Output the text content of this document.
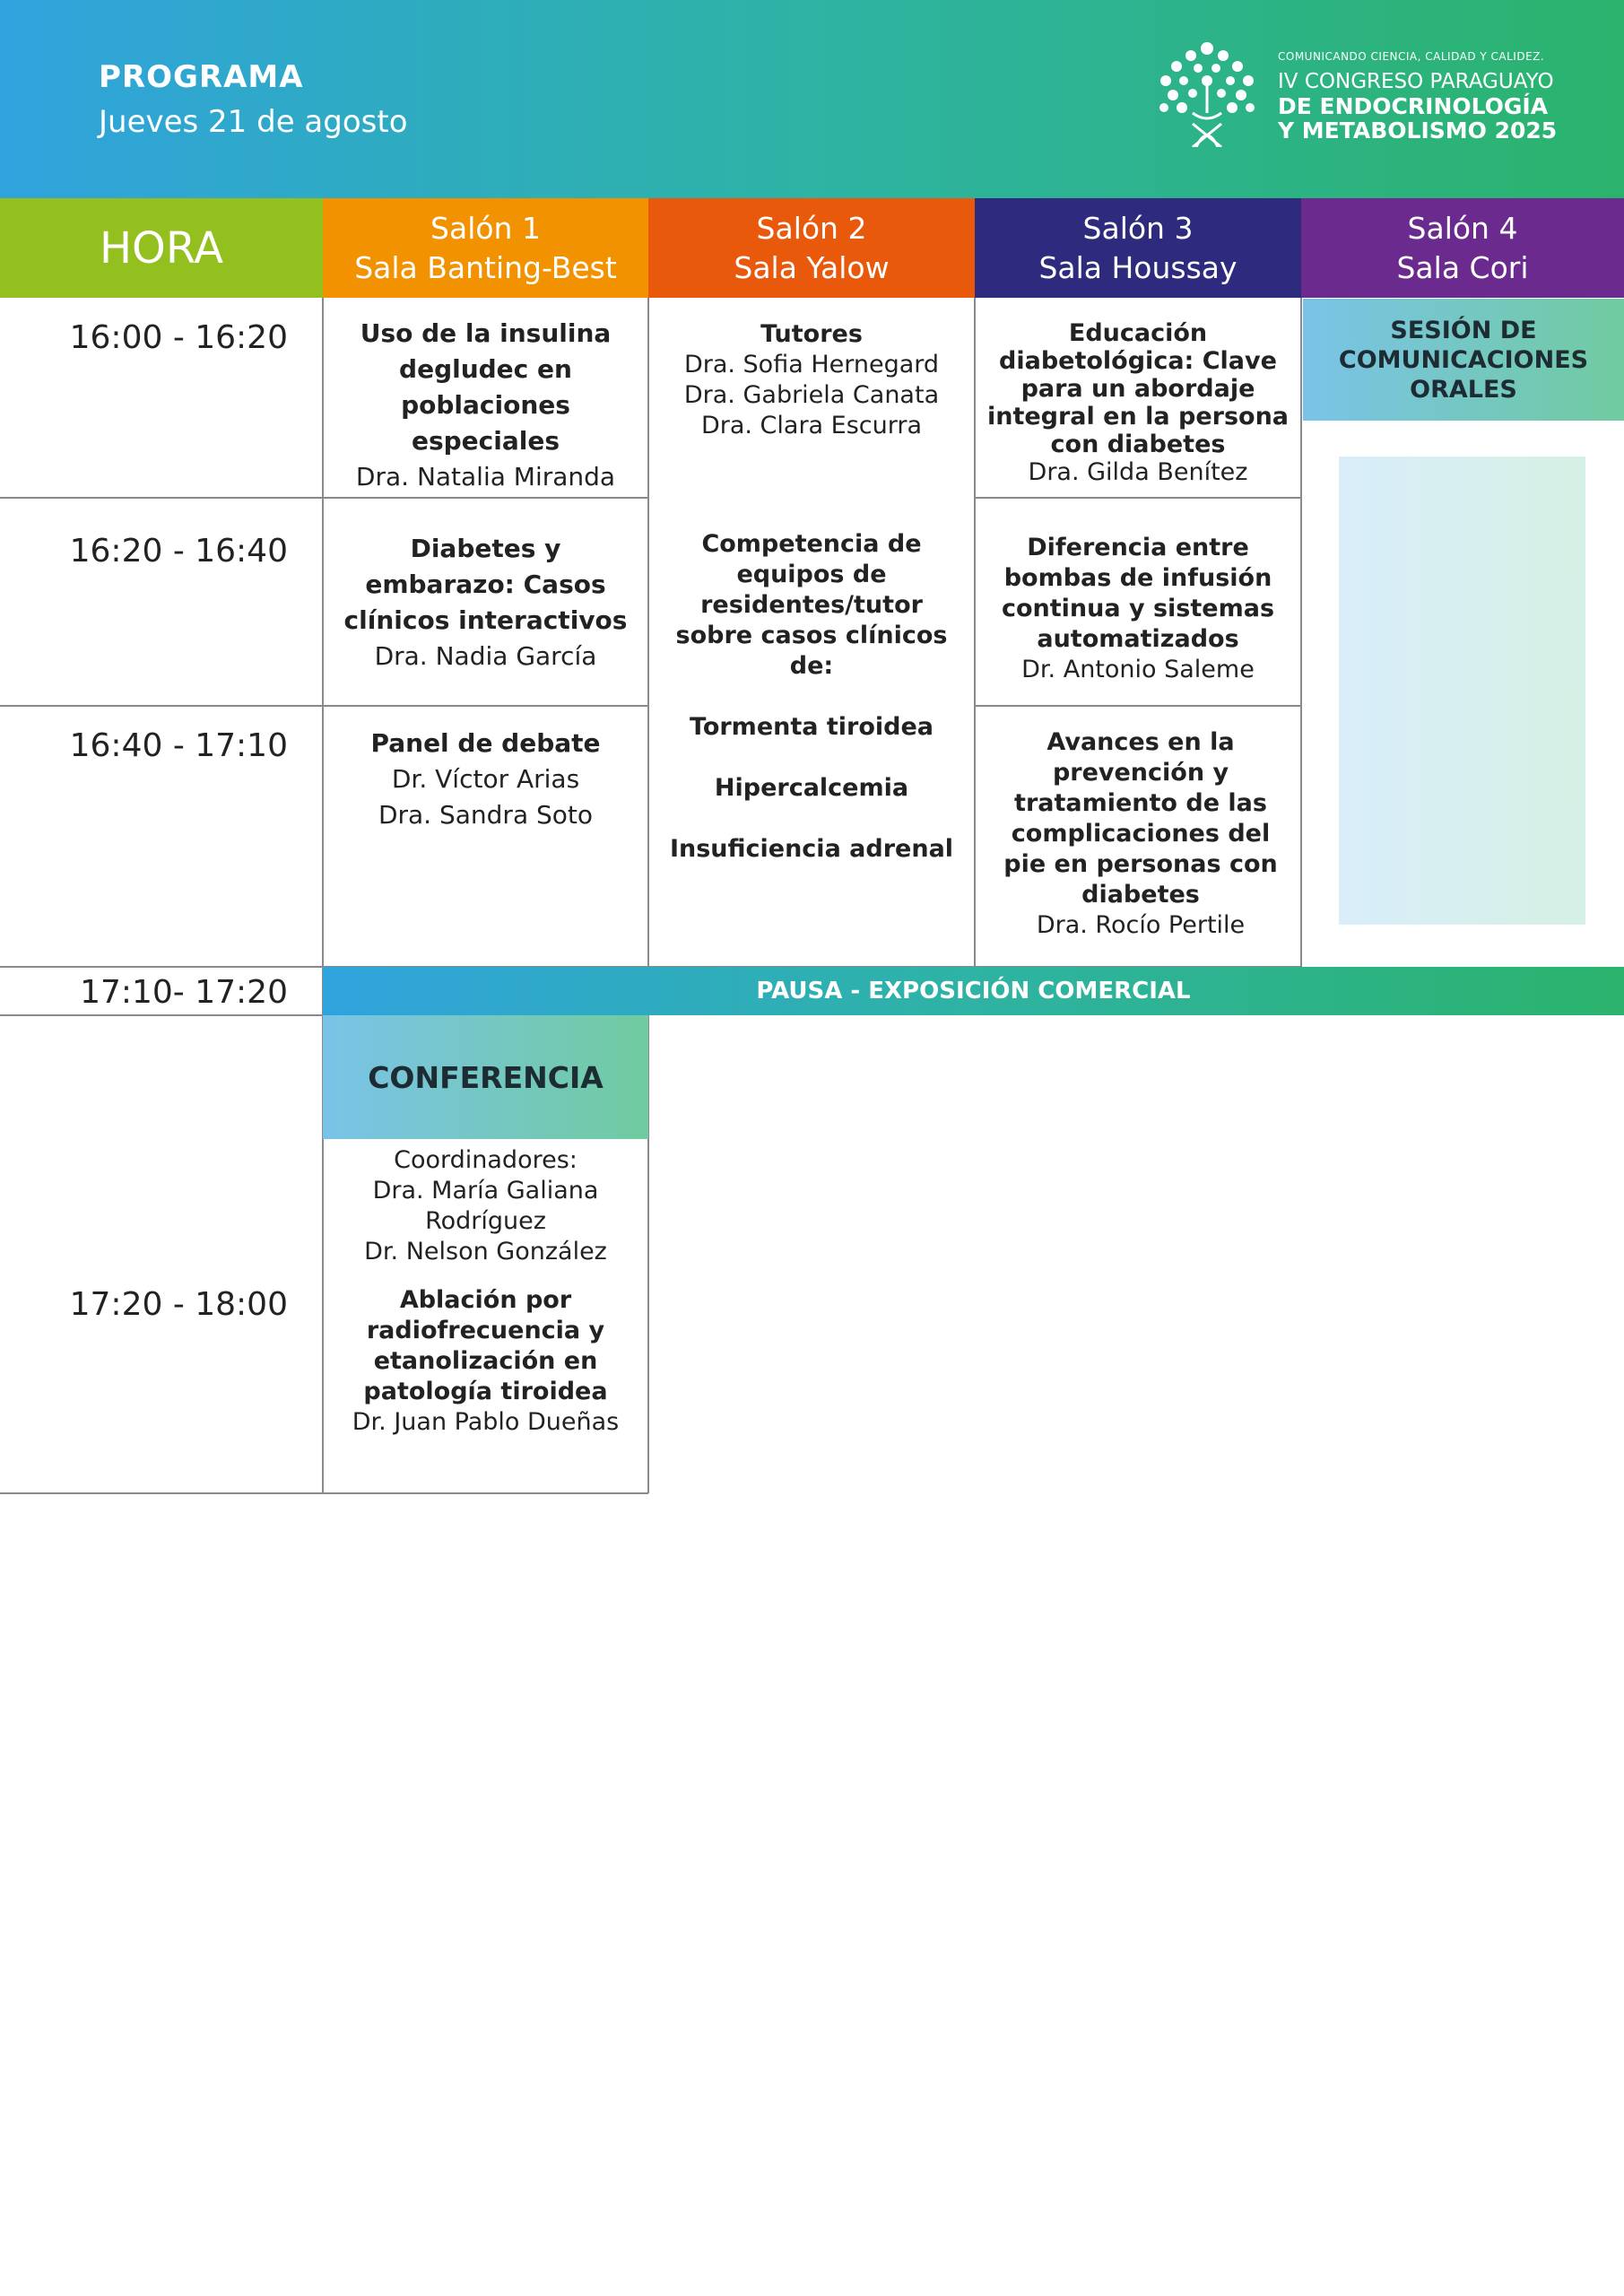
PROGRAMA
Jueves 21 de agosto
COMUNICANDO CIENCIA, CALIDAD Y CALIDEZ.
IV CONGRESO PARAGUAYO
DE ENDOCRINOLOGÍA
Y METABOLISMO 2025
HORA	Salón 1
Sala Banting-Best
Salón 2
Sala Yalow
Salón 3
Sala Houssay
Salón 4
Sala Cori
16:00 - 16:20
16:20 - 16:40
16:40 - 17:10
17:10- 17:20
17:20 - 18:00
Uso de la insulina degludec en poblaciones especiales
Dra. Natalia Miranda
Diabetes y embarazo: Casos clínicos interactivos
Dra. Nadia García
Panel de debate
Dr. Víctor Arias
Dra. Sandra Soto
Tutores
Dra. Sofia Hernegard
Dra. Gabriela Canata
Dra. Clara Escurra
Competencia de equipos de residentes/tutor sobre casos clínicos de:
Tormenta tiroidea
Hipercalcemia
Insuficiencia adrenal
Educación diabetológica: Clave para un abordaje integral en la persona con diabetes
Dra. Gilda Benítez
Diferencia entre bombas de infusión continua y sistemas automatizados
Dr. Antonio Saleme
Avances en la prevención y tratamiento de las complicaciones del pie en personas con diabetes
Dra. Rocío Pertile
SESIÓN DE COMUNICACIONES ORALES
PAUSA - EXPOSICIÓN COMERCIAL
CONFERENCIA
Coordinadores:
Dra. María Galiana Rodríguez
Dr. Nelson González
Ablación por radiofrecuencia y etanolización en patología tiroidea
Dr. Juan Pablo Dueñas
